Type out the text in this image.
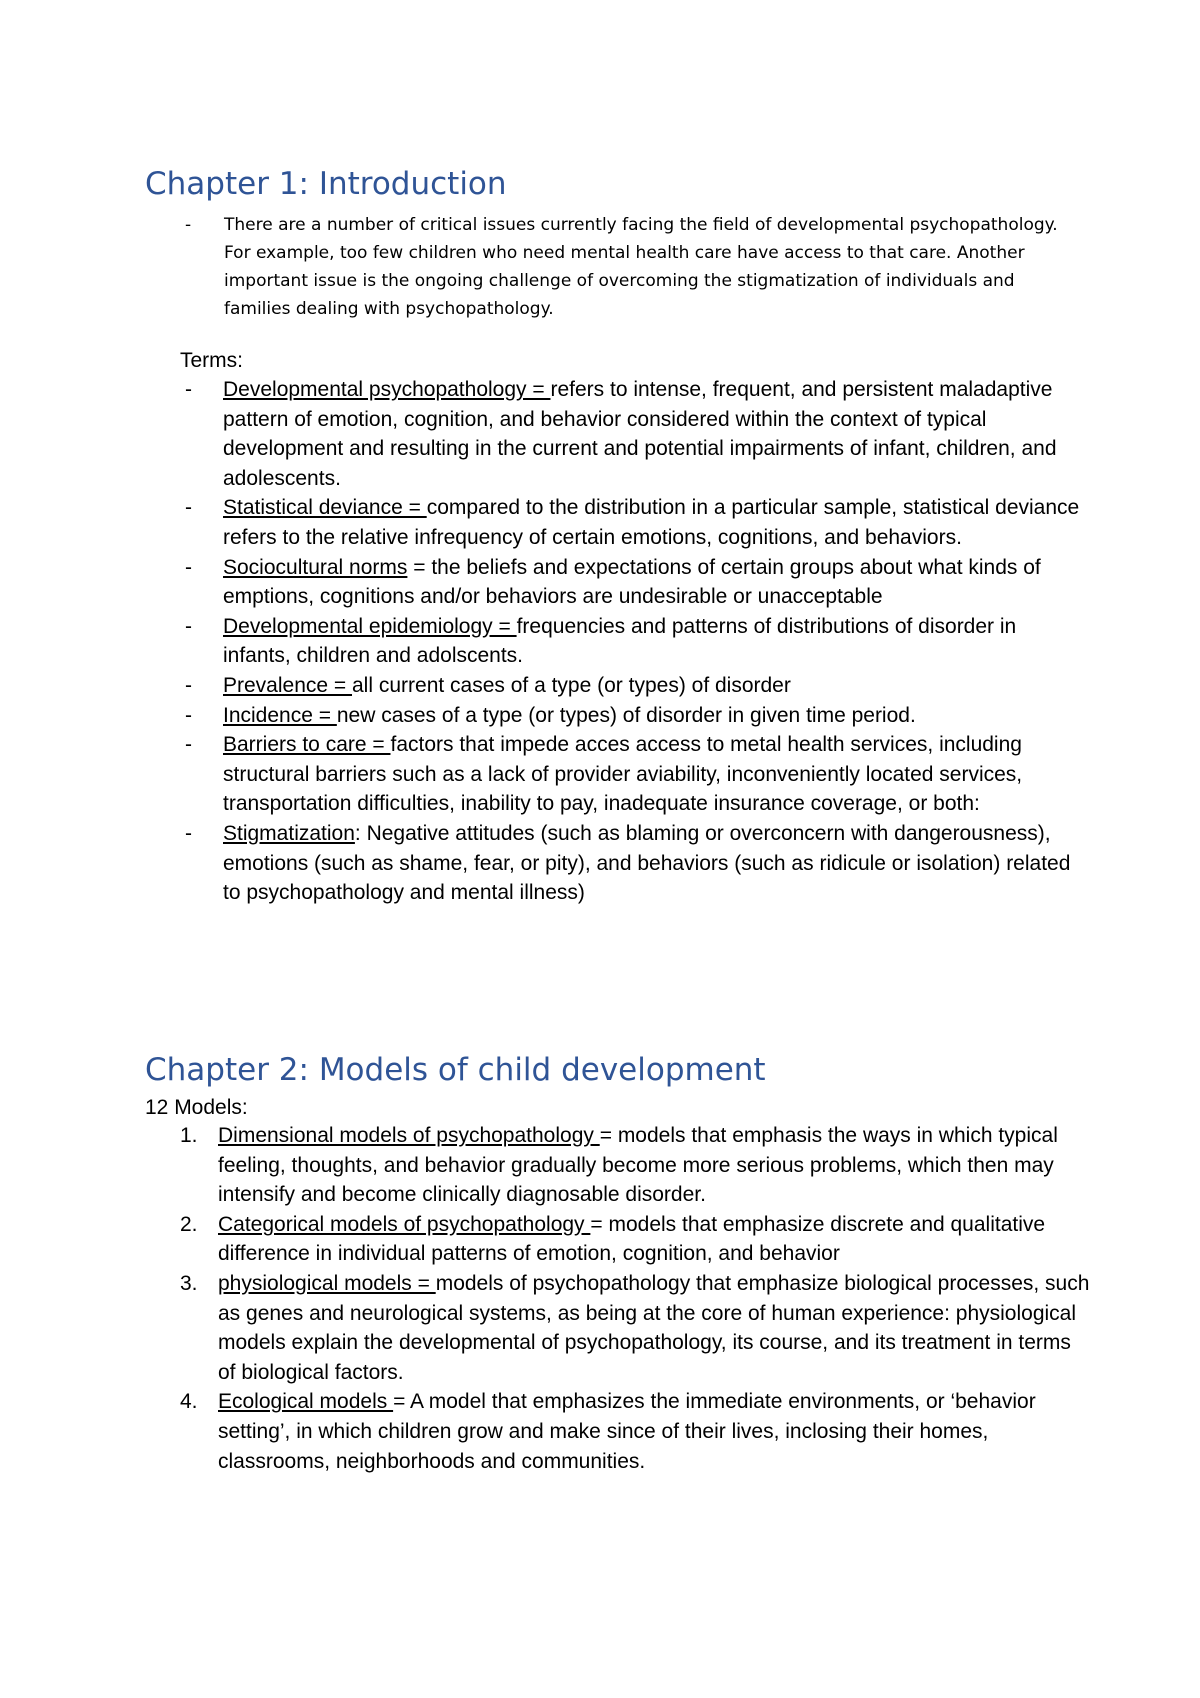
Chapter 1: Introduction
- There are a number of critical issues currently facing the field of developmental psychopathology. For example, too few children who need mental health care have access to that care. Another important issue is the ongoing challenge of overcoming the stigmatization of individuals and families dealing with psychopathology.
Terms:
- Developmental psychopathology = refers to intense, frequent, and persistent maladaptive pattern of emotion, cognition, and behavior considered within the context of typical development and resulting in the current and potential impairments of infant, children, and adolescents.
- Statistical deviance = compared to the distribution in a particular sample, statistical deviance refers to the relative infrequency of certain emotions, cognitions, and behaviors.
- Sociocultural norms = the beliefs and expectations of certain groups about what kinds of emptions, cognitions and/or behaviors are undesirable or unacceptable
- Developmental epidemiology = frequencies and patterns of distributions of disorder in infants, children and adolscents.
- Prevalence = all current cases of a type (or types) of disorder
- Incidence = new cases of a type (or types) of disorder in given time period.
- Barriers to care = factors that impede acces access to metal health services, including structural barriers such as a lack of provider aviability, inconveniently located services, transportation difficulties, inability to pay, inadequate insurance coverage, or both:
- Stigmatization: Negative attitudes (such as blaming or overconcern with dangerousness), emotions (such as shame, fear, or pity), and behaviors (such as ridicule or isolation) related to psychopathology and mental illness)
Chapter 2: Models of child development
12 Models:
1. Dimensional models of psychopathology = models that emphasis the ways in which typical feeling, thoughts, and behavior gradually become more serious problems, which then may intensify and become clinically diagnosable disorder.
2. Categorical models of psychopathology = models that emphasize discrete and qualitative difference in individual patterns of emotion, cognition, and behavior
3. physiological models = models of psychopathology that emphasize biological processes, such as genes and neurological systems, as being at the core of human experience: physiological models explain the developmental of psychopathology, its course, and its treatment in terms of biological factors.
4. Ecological models = A model that emphasizes the immediate environments, or ‘behavior setting’, in which children grow and make since of their lives, inclosing their homes, classrooms, neighborhoods and communities.
